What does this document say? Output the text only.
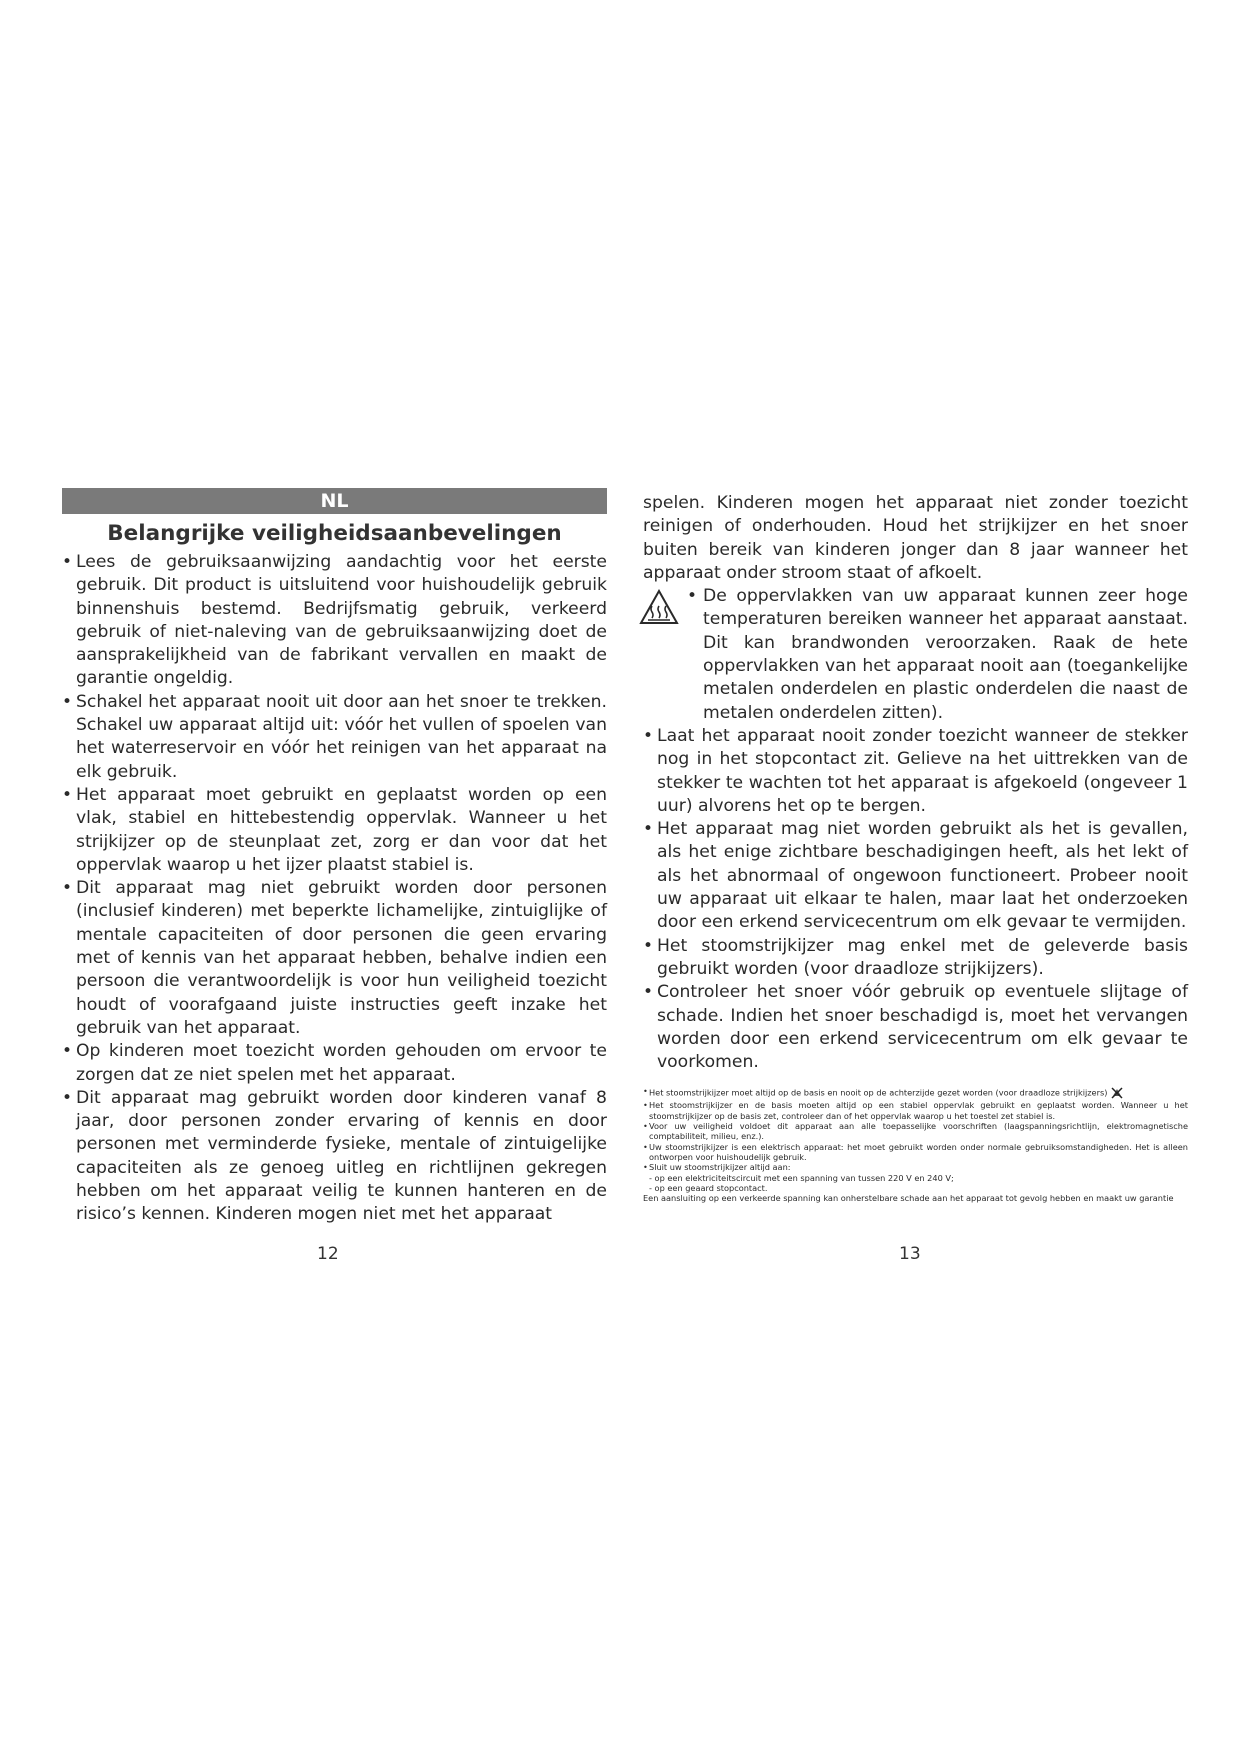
NL
Belangrijke veiligheidsaanbevelingen
• Lees de gebruiksaanwijzing aandachtig voor het eerste gebruik. Dit product is uitsluitend voor huishoudelijk gebruik binnenshuis bestemd. Bedrijfsmatig gebruik, verkeerd gebruik of niet-naleving van de gebruiksaanwijzing doet de aansprakelijkheid van de fabrikant vervallen en maakt de garantie ongeldig.
• Schakel het apparaat nooit uit door aan het snoer te trekken. Schakel uw apparaat altijd uit: vóór het vullen of spoelen van het waterreservoir en vóór het reinigen van het apparaat na elk gebruik.
• Het apparaat moet gebruikt en geplaatst worden op een vlak, stabiel en hittebestendig oppervlak. Wanneer u het strijkijzer op de steunplaat zet, zorg er dan voor dat het oppervlak waarop u het ijzer plaatst stabiel is.
• Dit apparaat mag niet gebruikt worden door personen (inclusief kinderen) met beperkte lichamelijke, zintuiglijke of mentale capaciteiten of door personen die geen ervaring met of kennis van het apparaat hebben, behalve indien een persoon die verantwoordelijk is voor hun veiligheid toezicht houdt of voorafgaand juiste instructies geeft inzake het gebruik van het apparaat.
• Op kinderen moet toezicht worden gehouden om ervoor te zorgen dat ze niet spelen met het apparaat.
• Dit apparaat mag gebruikt worden door kinderen vanaf 8 jaar, door personen zonder ervaring of kennis en door personen met verminderde fysieke, mentale of zintuigelijke capaciteiten als ze genoeg uitleg en richtlijnen gekregen hebben om het apparaat veilig te kunnen hanteren en de risico’s kennen. Kinderen mogen niet met het apparaat

spelen. Kinderen mogen het apparaat niet zonder toezicht reinigen of onderhouden. Houd het strijkijzer en het snoer buiten bereik van kinderen jonger dan 8 jaar wanneer het apparaat onder stroom staat of afkoelt.

• De oppervlakken van uw apparaat kunnen zeer hoge temperaturen bereiken wanneer het apparaat aanstaat. Dit kan brandwonden veroorzaken. Raak de hete oppervlakken van het apparaat nooit aan (toegankelijke metalen onderdelen en plastic onderdelen die naast de metalen onderdelen zitten).
• Laat het apparaat nooit zonder toezicht wanneer de stekker nog in het stopcontact zit. Gelieve na het uittrekken van de stekker te wachten tot het apparaat is afgekoeld (ongeveer 1 uur) alvorens het op te bergen.
• Het apparaat mag niet worden gebruikt als het is gevallen, als het enige zichtbare beschadigingen heeft, als het lekt of als het abnormaal of ongewoon functioneert. Probeer nooit uw apparaat uit elkaar te halen, maar laat het onderzoeken door een erkend servicecentrum om elk gevaar te vermijden.
• Het stoomstrijkijzer mag enkel met de geleverde basis gebruikt worden (voor draadloze strijkijzers).
• Controleer het snoer vóór gebruik op eventuele slijtage of schade. Indien het snoer beschadigd is, moet het vervangen worden door een erkend servicecentrum om elk gevaar te voorkomen.

• Het stoomstrijkijzer moet altijd op de basis en nooit op de achterzijde gezet worden (voor draadloze strijkijzers)

• Het stoomstrijkijzer en de basis moeten altijd op een stabiel oppervlak gebruikt en geplaatst worden. Wanneer u het stoomstrijkijzer op de basis zet, controleer dan of het oppervlak waarop u het toestel zet stabiel is.

• Voor uw veiligheid voldoet dit apparaat aan alle toepasselijke voorschriften (laagspanningsrichtlijn, elektromagnetische comptabiliteit, milieu, enz.).

• Uw stoomstrijkijzer is een elektrisch apparaat: het moet gebruikt worden onder normale gebruiksomstandigheden. Het is alleen ontworpen voor huishoudelijk gebruik.

• Sluit uw stoomstrijkijzer altijd aan:

- op een elektriciteitscircuit met een spanning van tussen 220 V en 240 V;

- op een geaard stopcontact.

Een aansluiting op een verkeerde spanning kan onherstelbare schade aan het apparaat tot gevolg hebben en maakt uw garantie

12	13
